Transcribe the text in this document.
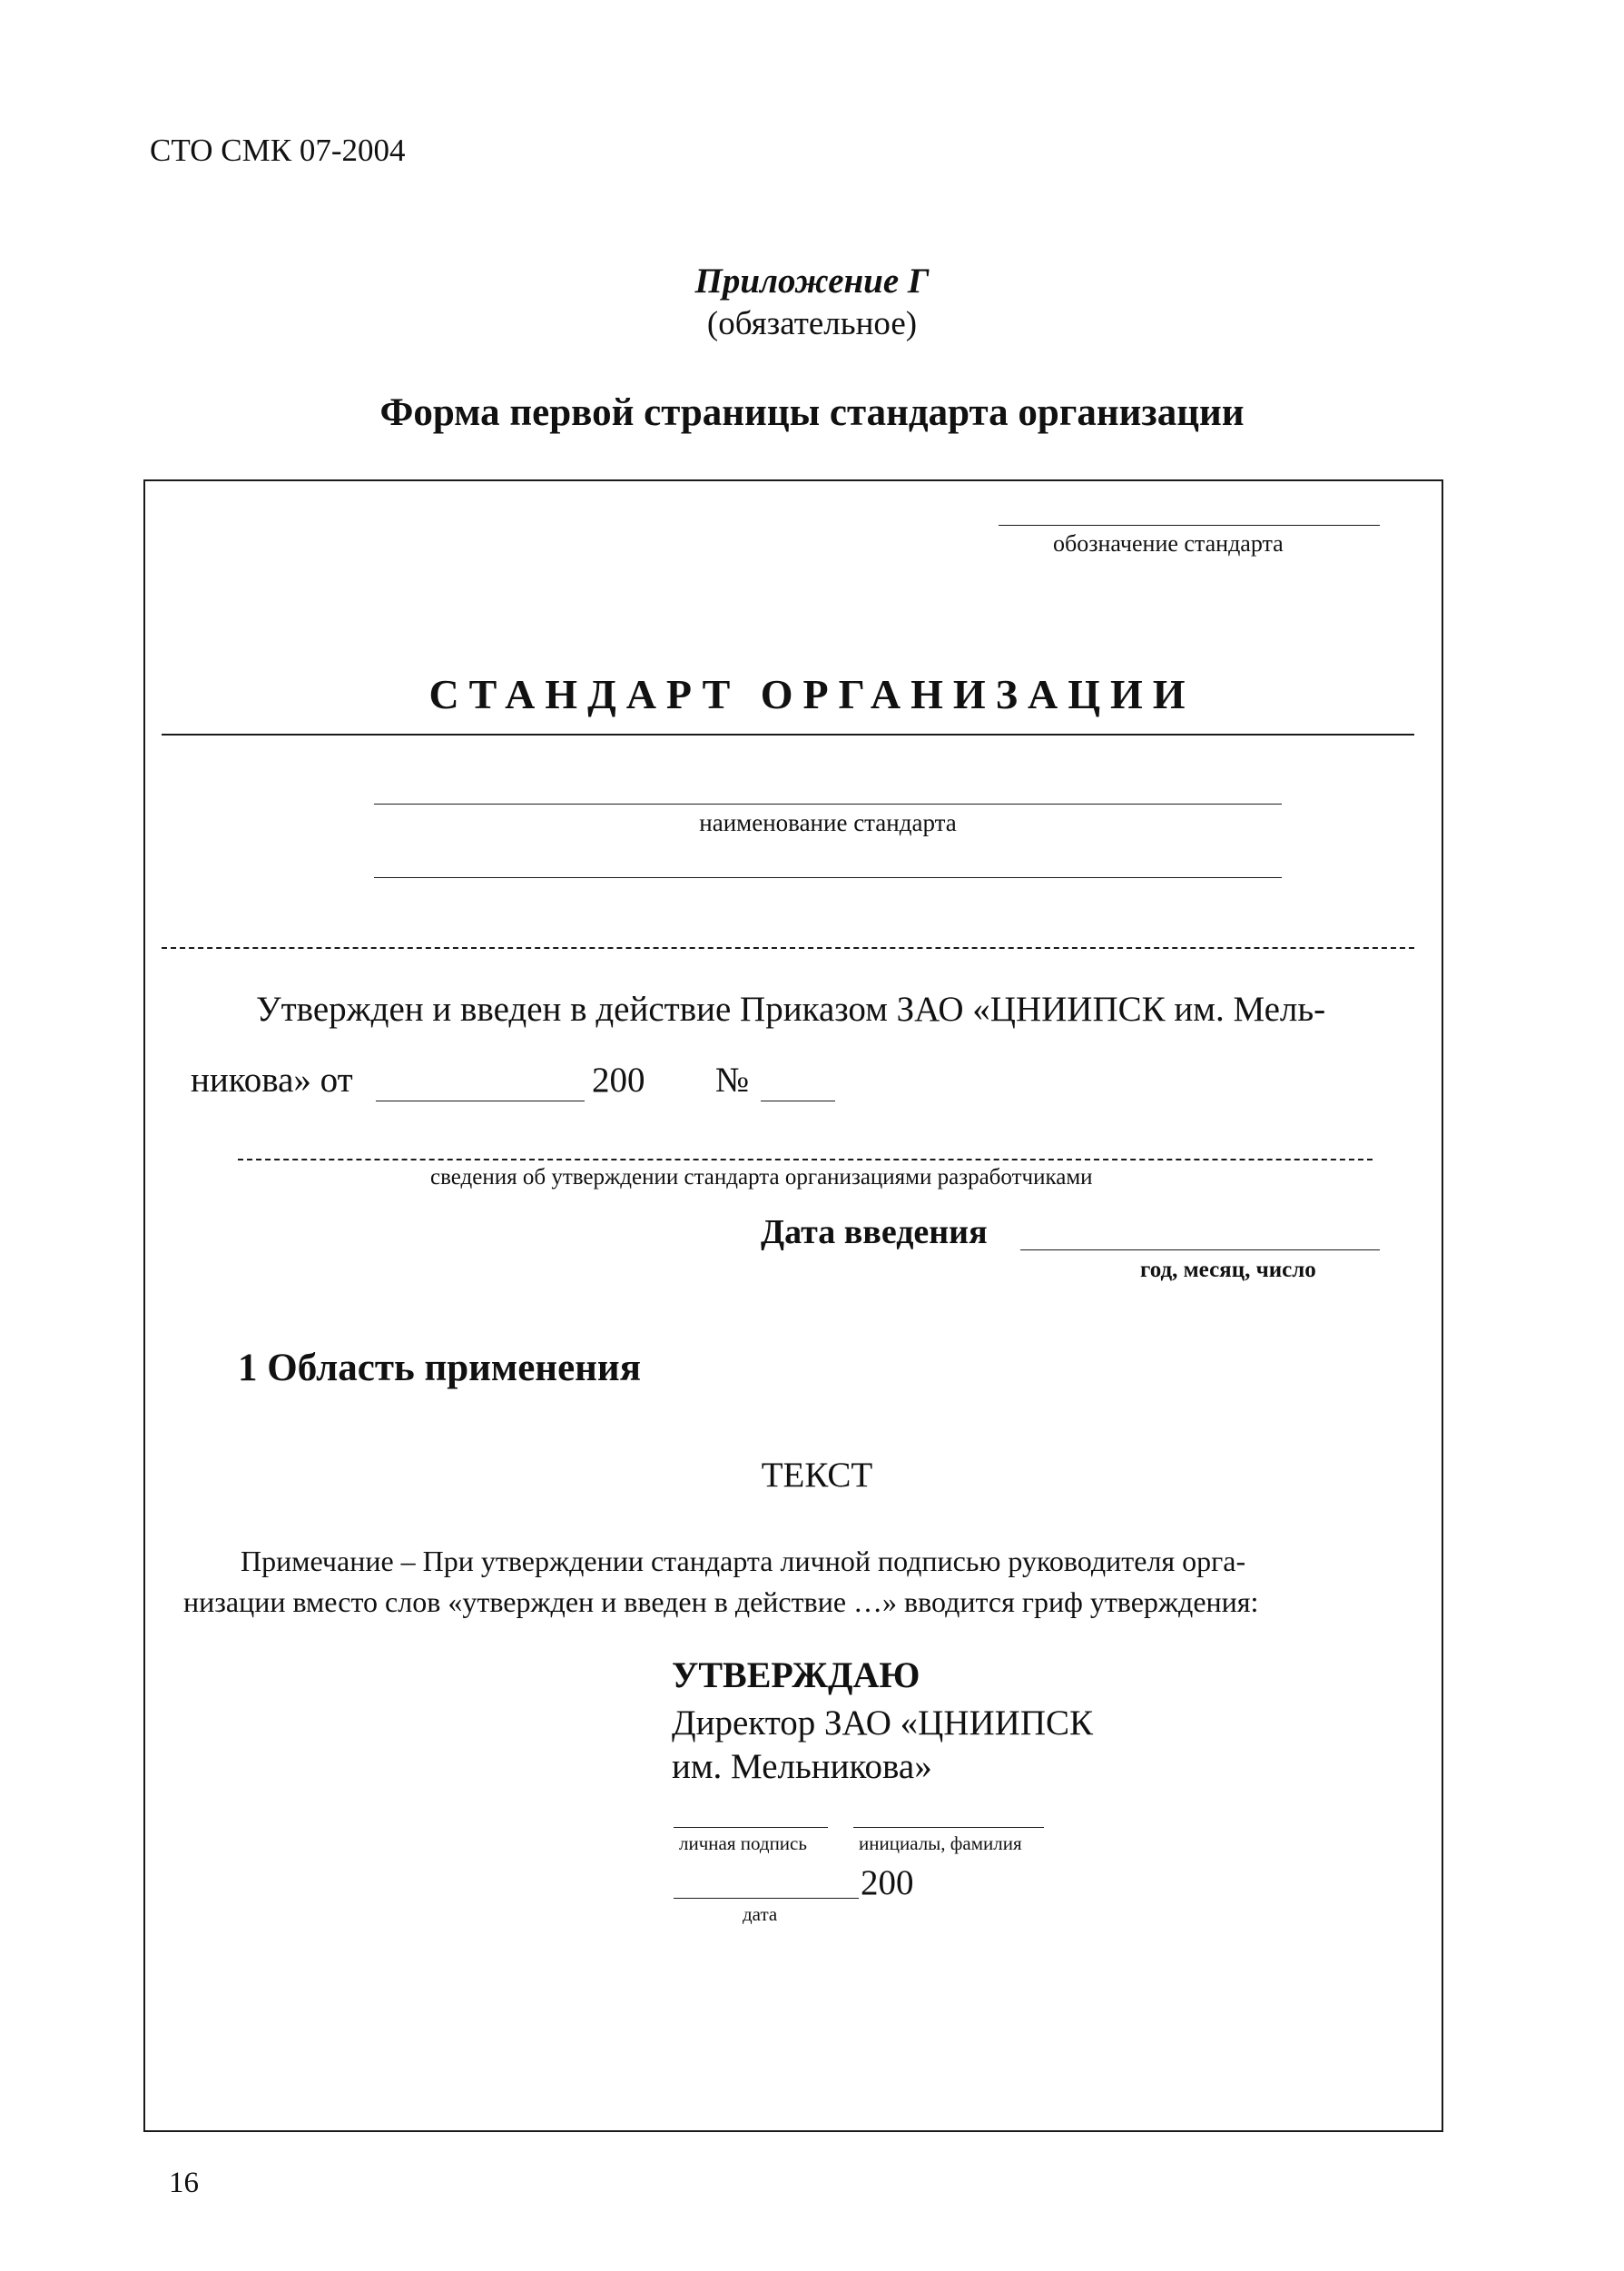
СТО СМК 07-2004
Приложение Г
(обязательное)
Форма первой страницы стандарта организации
обозначение стандарта
СТАНДАРТ ОРГАНИЗАЦИИ
наименование стандарта
Утвержден и введен в действие Приказом ЗАО «ЦНИИПСК им. Мель-
никова» от	200 №
сведения об утверждении стандарта организациями разработчиками
Дата введения
год, месяц, число
1 Область применения
ТЕКСТ
Примечание – При утверждении стандарта личной подписью руководителя орга-
низации вместо слов «утвержден и введен в действие …» вводится гриф утверждения:
УТВЕРЖДАЮ
Директор ЗАО «ЦНИИПСК
им. Мельникова»
личная подпись	инициалы, фамилия
200
дата
16
